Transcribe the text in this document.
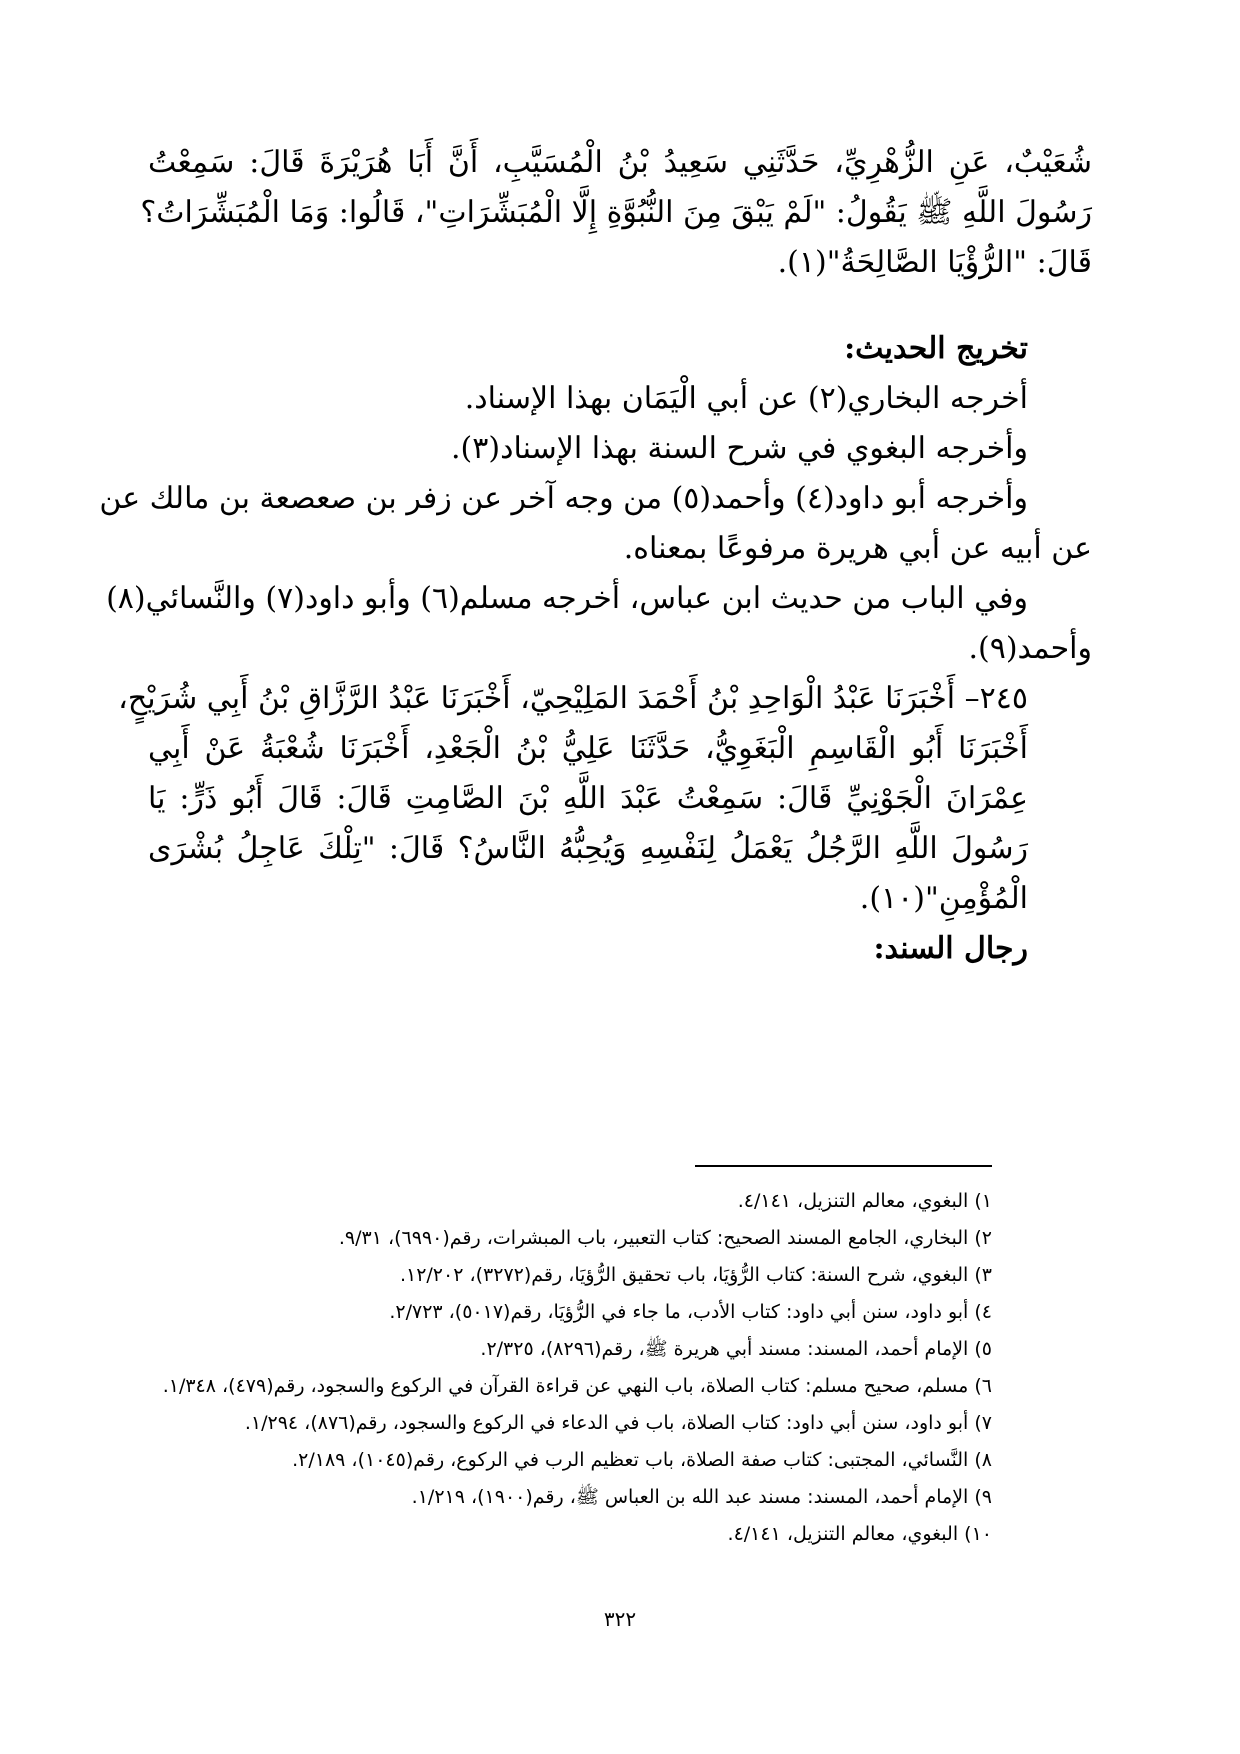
شُعَيْبٌ، عَنِ الزُّهْرِيِّ، حَدَّثَنِي سَعِيدُ بْنُ الْمُسَيَّبِ، أَنَّ أَبَا هُرَيْرَةَ قَالَ: سَمِعْتُ

رَسُولَ اللَّهِ ﷺ يَقُولُ: "لَمْ يَبْقَ مِنَ النُّبُوَّةِ إِلَّا الْمُبَشِّرَاتِ"، قَالُوا: وَمَا الْمُبَشِّرَاتُ؟

قَالَ: "الرُّؤْيَا الصَّالِحَةُ"(١).

تخريج الحديث:

أخرجه البخاري(٢) عن أبي الْيَمَان بهذا الإسناد.

وأخرجه البغوي في شرح السنة بهذا الإسناد(٣).

وأخرجه أبو داود(٤) وأحمد(٥) من وجه آخر عن زفر بن صعصعة بن مالك عن

عن أبيه عن أبي هريرة مرفوعًا بمعناه.

وفي الباب من حديث ابن عباس، أخرجه مسلم(٦) وأبو داود(٧) والنَّسائي(٨)

وأحمد(٩).

٢٤٥– أَخْبَرَنَا عَبْدُ الْوَاحِدِ بْنُ أَحْمَدَ المَلِيْحِيّ، أَخْبَرَنَا عَبْدُ الرَّزَّاقِ بْنُ أَبِي شُرَيْحٍ،

أَخْبَرَنَا أَبُو الْقَاسِمِ الْبَغَوِيُّ، حَدَّثَنَا عَلِيُّ بْنُ الْجَعْدِ، أَخْبَرَنَا شُعْبَةُ عَنْ أَبِي

عِمْرَانَ الْجَوْنِيِّ قَالَ: سَمِعْتُ عَبْدَ اللَّهِ بْنَ الصَّامِتِ قَالَ: قَالَ أَبُو ذَرٍّ: يَا

رَسُولَ اللَّهِ الرَّجُلُ يَعْمَلُ لِنَفْسِهِ وَيُحِبُّهُ النَّاسُ؟ قَالَ: "تِلْكَ عَاجِلُ بُشْرَى

الْمُؤْمِنِ"(١٠).

رجال السند:

١) البغوي، معالم التنزيل، ٤/١٤١.

٢) البخاري، الجامع المسند الصحيح: كتاب التعبير، باب المبشرات، رقم(٦٩٩٠)، ٩/٣١.

٣) البغوي، شرح السنة: كتاب الرُّؤيَا، باب تحقيق الرُّؤيَا، رقم(٣٢٧٢)، ١٢/٢٠٢.

٤) أبو داود، سنن أبي داود: كتاب الأدب، ما جاء في الرُّؤيَا، رقم(٥٠١٧)، ٢/٧٢٣.

٥) الإمام أحمد، المسند: مسند أبي هريرة ﷺ، رقم(٨٢٩٦)، ٢/٣٢٥.

٦) مسلم، صحيح مسلم: كتاب الصلاة، باب النهي عن قراءة القرآن في الركوع والسجود، رقم(٤٧٩)، ١/٣٤٨.

٧) أبو داود، سنن أبي داود: كتاب الصلاة، باب في الدعاء في الركوع والسجود، رقم(٨٧٦)، ١/٢٩٤.

٨) النَّسائي، المجتبى: كتاب صفة الصلاة، باب تعظيم الرب في الركوع، رقم(١٠٤٥)، ٢/١٨٩.

٩) الإمام أحمد، المسند: مسند عبد الله بن العباس ﷺ، رقم(١٩٠٠)، ١/٢١٩.

١٠) البغوي، معالم التنزيل، ٤/١٤١.

٣٢٢
